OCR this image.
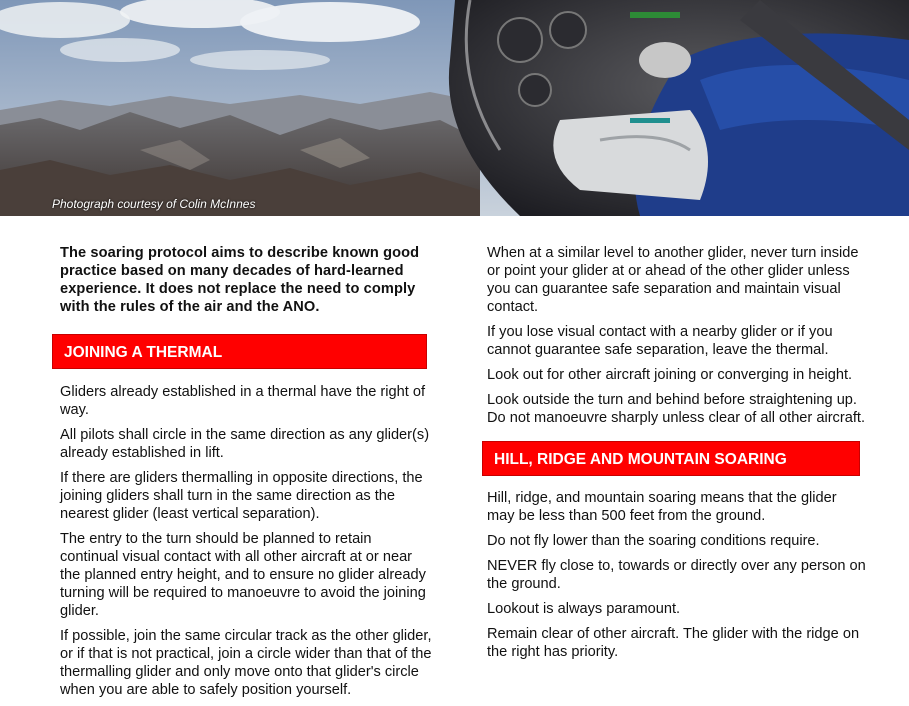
Photograph courtesy of Colin McInnes

The soaring protocol aims to describe known good practice based on many decades of hard-learned experience. It does not replace the need to comply with the rules of the air and the ANO.

JOINING A THERMAL

Gliders already established in a thermal have the right of way.

All pilots shall circle in the same direction as any glider(s) already established in lift.

If there are gliders thermalling in opposite directions, the joining gliders shall turn in the same direction as the nearest glider (least vertical separation).

The entry to the turn should be planned to retain continual visual contact with all other aircraft at or near the planned entry height, and to ensure no glider already turning will be required to manoeuvre to avoid the joining glider.

If possible, join the same circular track as the other glider, or if that is not practical, join a circle wider than that of the thermalling glider and only move onto that glider's circle when you are able to safely position yourself.

When at a similar level to another glider, never turn inside or point your glider at or ahead of the other glider unless you can guarantee safe separation and maintain visual contact.

If you lose visual contact with a nearby glider or if you cannot guarantee safe separation, leave the thermal.

Look out for other aircraft joining or converging in height.

Look outside the turn and behind before straightening up. Do not manoeuvre sharply unless clear of all other aircraft.

HILL, RIDGE AND MOUNTAIN SOARING

Hill, ridge, and mountain soaring means that the glider may be less than 500 feet from the ground.

Do not fly lower than the soaring conditions require.

NEVER fly close to, towards or directly over any person on the ground.

Lookout is always paramount.

Remain clear of other aircraft. The glider with the ridge on the right has priority.
